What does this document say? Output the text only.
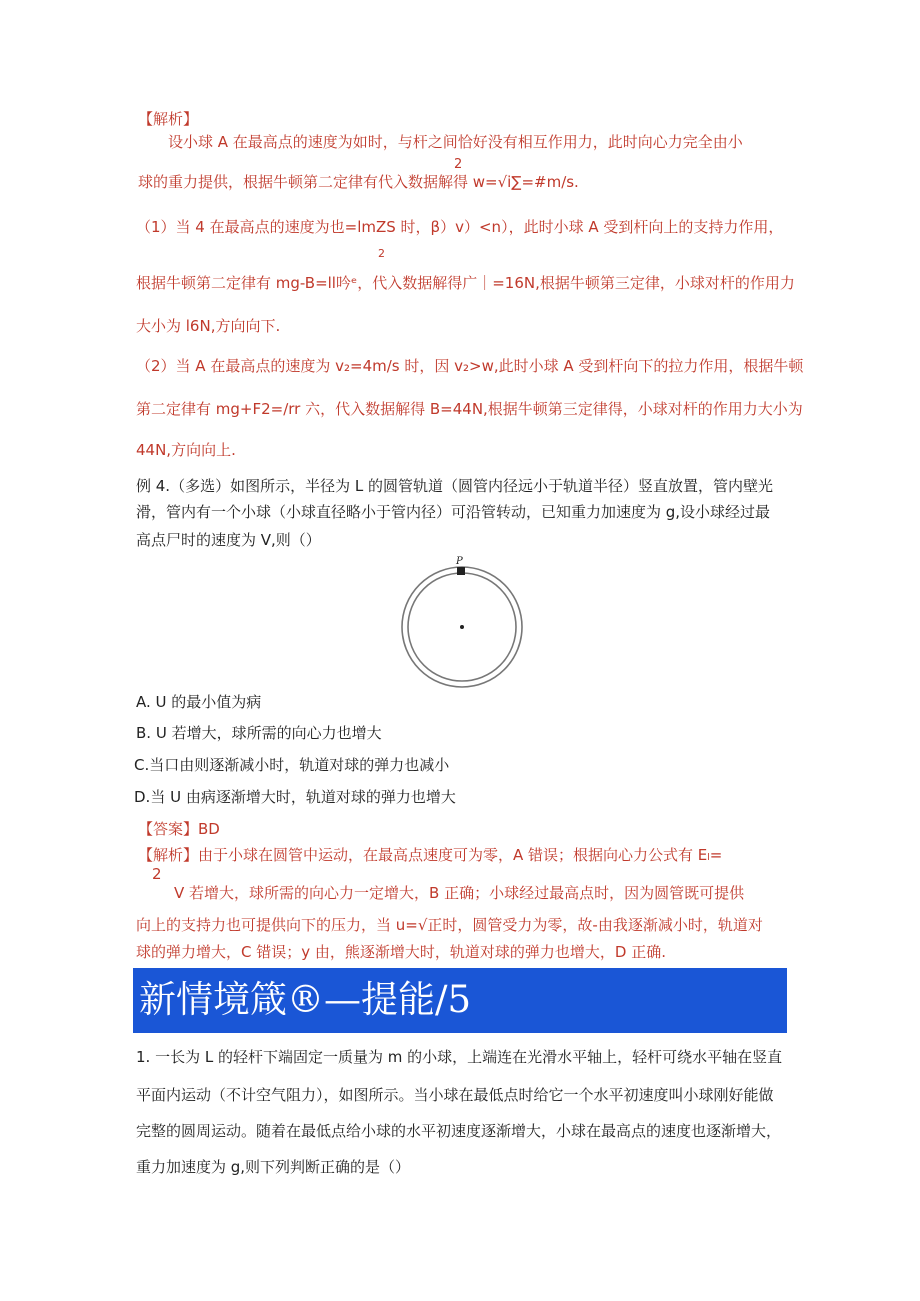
【解析】
设小球 A 在最高点的速度为如时，与杆之间恰好没有相互作用力，此时向心力完全由小
2
球的重力提供，根据牛顿第二定律有代入数据解得 w=√i∑=#m∕s.
（1）当 4 在最高点的速度为也=lmZS 时，β）v）<n），此时小球 A 受到杆向上的支持力作用，
2
根据牛顿第二定律有 mg-B=ll吟ᵉ，代入数据解得广｜=16N,根据牛顿第三定律，小球对杆的作用力
大小为 l6N,方向向下.
（2）当 A 在最高点的速度为 v₂=4m/s 时，因 v₂>w,此时小球 A 受到杆向下的拉力作用，根据牛顿
第二定律有 mg+F2=∕rr 六，代入数据解得 B=44N,根据牛顿第三定律得，小球对杆的作用力大小为
44N,方向向上.
例 4.（多选）如图所示，半径为 L 的圆管轨道（圆管内径远小于轨道半径）竖直放置，管内壁光
滑，管内有一个小球（小球直径略小于管内径）可沿管转动，已知重力加速度为 g,设小球经过最
高点尸时的速度为 V,则（）
P
A. U 的最小值为病
B. U 若增大，球所需的向心力也增大
C.当口由则逐渐减小时，轨道对球的弹力也减小
D.当 U 由病逐渐增大时，轨道对球的弹力也增大
【答案】BD
【解析】由于小球在圆管中运动，在最高点速度可为零，A 错误；根据向心力公式有 Eₗ=
2
V 若增大，球所需的向心力一定增大，B 正确；小球经过最高点时，因为圆管既可提供
向上的支持力也可提供向下的压力，当 u=√正时，圆管受力为零，故-由我逐渐减小时，轨道对
球的弹力增大，C 错误；y 由，熊逐渐增大时，轨道对球的弹力也增大，D 正确.
新情境箴®—提能/5
1. 一长为 L 的轻杆下端固定一质量为 m 的小球，上端连在光滑水平轴上，轻杆可绕水平轴在竖直
平面内运动（不计空气阻力），如图所示。当小球在最低点时给它一个水平初速度叫小球刚好能做
完整的圆周运动。随着在最低点给小球的水平初速度逐渐增大，小球在最高点的速度也逐渐增大，
重力加速度为 g,则下列判断正确的是（）
